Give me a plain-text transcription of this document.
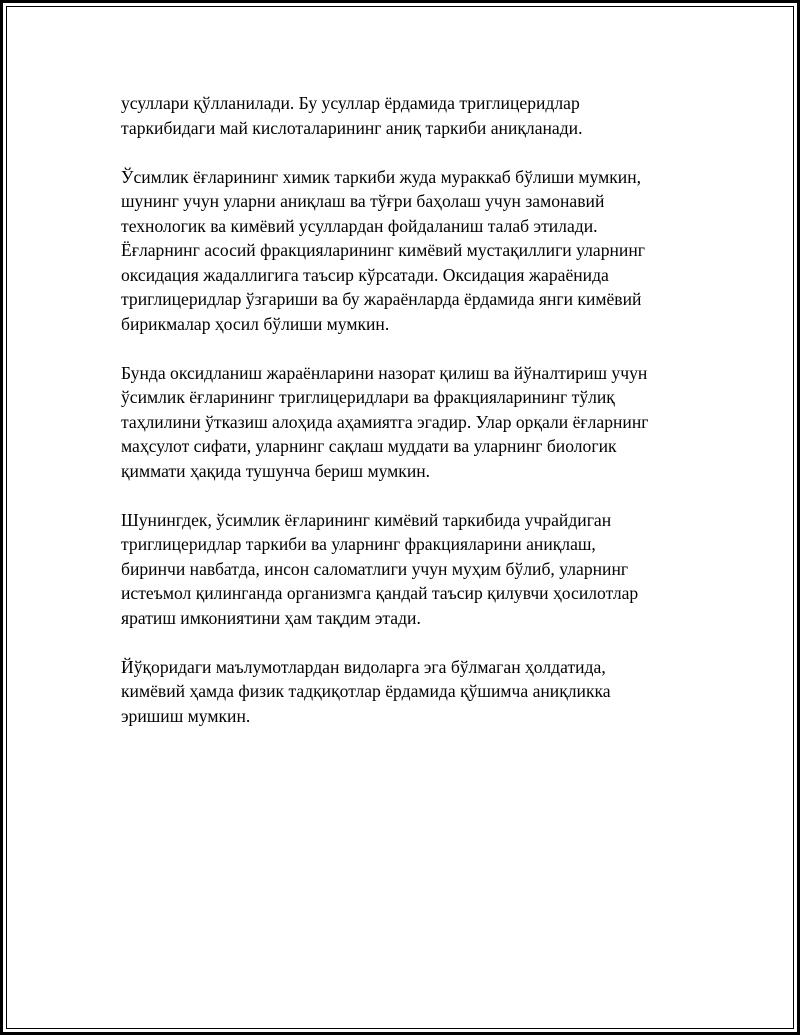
усуллари қўлланилади. Бу усуллар ёрдамида триглицеридлар
таркибидаги май кислоталарининг аниқ таркиби аниқланади.

Ўсимлик ёғларининг химик таркиби жуда мураккаб бўлиши мумкин,
шунинг учун уларни аниқлаш ва тўғри баҳолаш учун замонавий
технологик ва кимёвий усуллардан фойдаланиш талаб этилади.
Ёғларнинг асосий фракцияларининг кимёвий мустақиллиги уларнинг
оксидация жадаллигига таъсир кўрсатади. Оксидация жараёнида
триглицеридлар ўзгариши ва бу жараёнларда ёрдамида янги кимёвий
бирикмалар ҳосил бўлиши мумкин.

Бунда оксидланиш жараёнларини назорат қилиш ва йўналтириш учун
ўсимлик ёғларининг триглицеридлари ва фракцияларининг тўлиқ
таҳлилини ўтказиш алоҳида аҳамиятга эгадир. Улар орқали ёғларнинг
маҳсулот сифати, уларнинг сақлаш муддати ва уларнинг биологик
қиммати ҳақида тушунча бериш мумкин.

Шунингдек, ўсимлик ёғларининг кимёвий таркибида учрайдиган
триглицеридлар таркиби ва уларнинг фракцияларини аниқлаш,
биринчи навбатда, инсон саломатлиги учун муҳим бўлиб, уларнинг
истеъмол қилинганда организмга қандай таъсир қилувчи ҳосилотлар
яратиш имкониятини ҳам тақдим этади.

Йўқоридаги маълумотлардан видоларга эга бўлмаган ҳолдатида,
кимёвий ҳамда физик тадқиқотлар ёрдамида қўшимча аниқликка
эришиш мумкин.
